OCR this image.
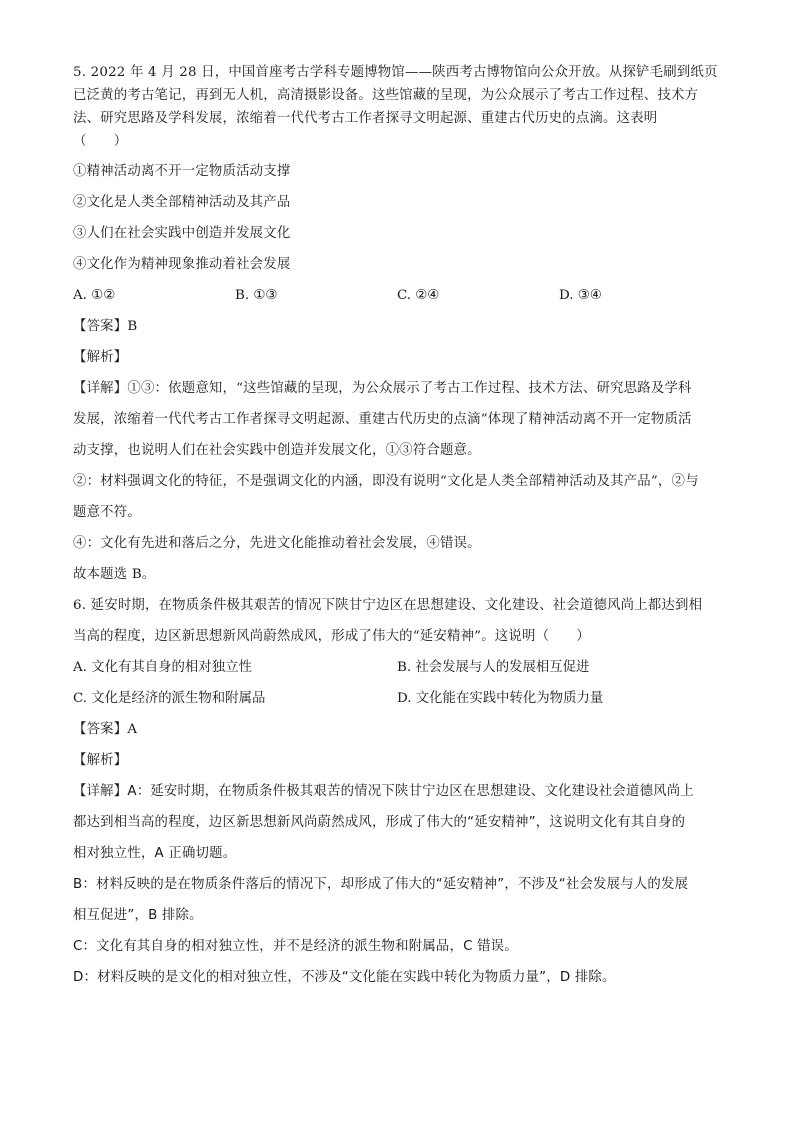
5. 2022 年 4 月 28 日，中国首座考古学科专题博物馆——陕西考古博物馆向公众开放。从探铲毛刷到纸页
已泛黄的考古笔记，再到无人机，高清摄影设备。这些馆藏的呈现，为公众展示了考古工作过程、技术方
法、研究思路及学科发展，浓缩着一代代考古工作者探寻文明起源、重建古代历史的点滴。这表明
（　　）
①精神活动离不开一定物质活动支撑
②文化是人类全部精神活动及其产品
③人们在社会实践中创造并发展文化
④文化作为精神现象推动着社会发展
A. ①②	B. ①③	C. ②④	D. ③④
【答案】B
【解析】
【详解】①③：依题意知，“这些馆藏的呈现，为公众展示了考古工作过程、技术方法、研究思路及学科
发展，浓缩着一代代考古工作者探寻文明起源、重建古代历史的点滴”体现了精神活动离不开一定物质活
动支撑，也说明人们在社会实践中创造并发展文化，①③符合题意。
②：材料强调文化的特征，不是强调文化的内涵，即没有说明“文化是人类全部精神活动及其产品”，②与
题意不符。
④：文化有先进和落后之分，先进文化能推动着社会发展，④错误。
故本题选 B。
6. 延安时期，在物质条件极其艰苦的情况下陕甘宁边区在思想建设、文化建设、社会道德风尚上都达到相
当高的程度，边区新思想新风尚蔚然成风，形成了伟大的“延安精神”。这说明（　　）
A. 文化有其自身的相对独立性	B. 社会发展与人的发展相互促进
C. 文化是经济的派生物和附属品	D. 文化能在实践中转化为物质力量
【答案】A
【解析】
【详解】A：延安时期，在物质条件极其艰苦的情况下陕甘宁边区在思想建设、文化建设社会道德风尚上
都达到相当高的程度，边区新思想新风尚蔚然成风，形成了伟大的“延安精神”，这说明文化有其自身的
相对独立性，A 正确切题。
B：材料反映的是在物质条件落后的情况下，却形成了伟大的“延安精神”，不涉及“社会发展与人的发展
相互促进”，B 排除。
C：文化有其自身的相对独立性，并不是经济的派生物和附属品，C 错误。
D：材料反映的是文化的相对独立性，不涉及“文化能在实践中转化为物质力量”，D 排除。
